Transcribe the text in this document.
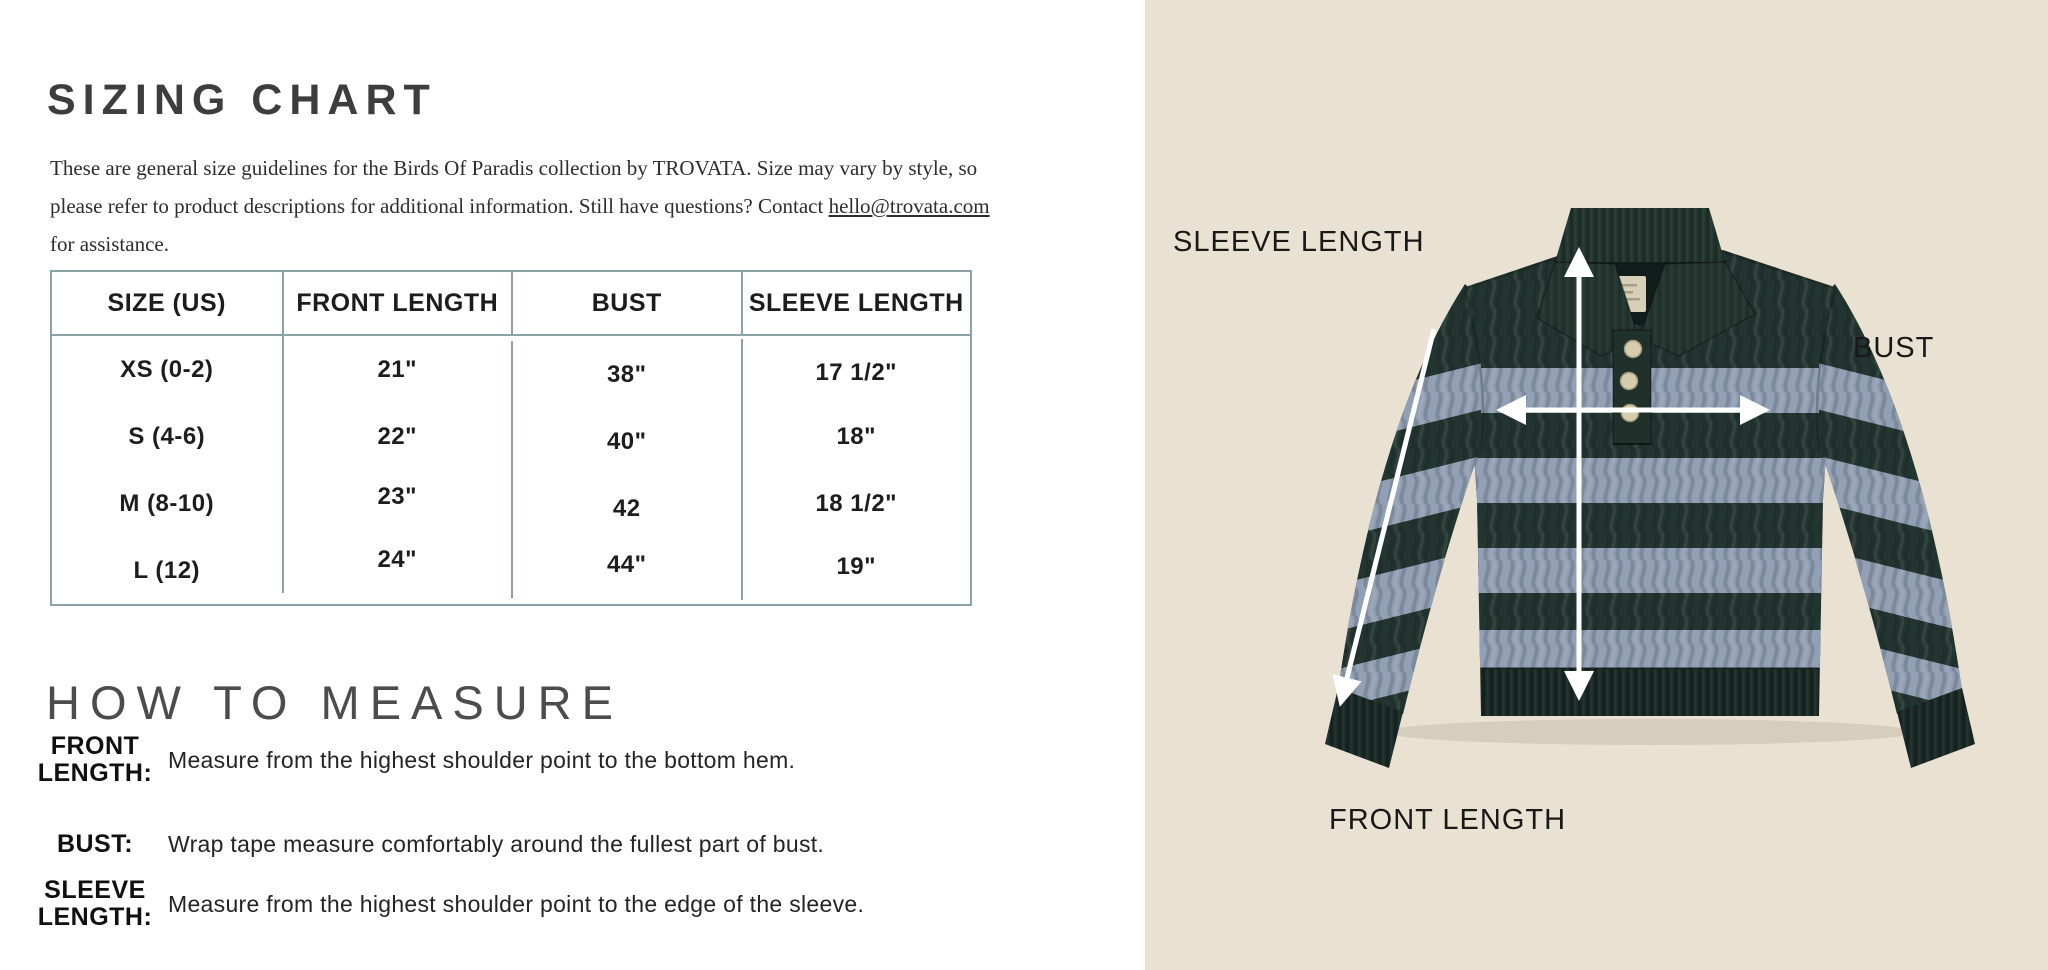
SIZING CHART

These are general size guidelines for the Birds Of Paradis collection by TROVATA. Size may vary by style, so please refer to product descriptions for additional information. Still have questions? Contact hello@trovata.com for assistance.

SIZE (US)	FRONT LENGTH	BUST	SLEEVE LENGTH
XS (0-2)	21"	38"	17 1/2"
S (4-6)	22"	40"	18"
M (8-10)	23"	42	18 1/2"
L (12)	24"	44"	19"
HOW TO MEASURE
FRONT LENGTH: Measure from the highest shoulder point to the bottom hem.
BUST:	Wrap tape measure comfortably around the fullest part of bust.
SLEEVE LENGTH: Measure from the highest shoulder point to the edge of the sleeve.
SLEEVE LENGTH
BUST
FRONT LENGTH
